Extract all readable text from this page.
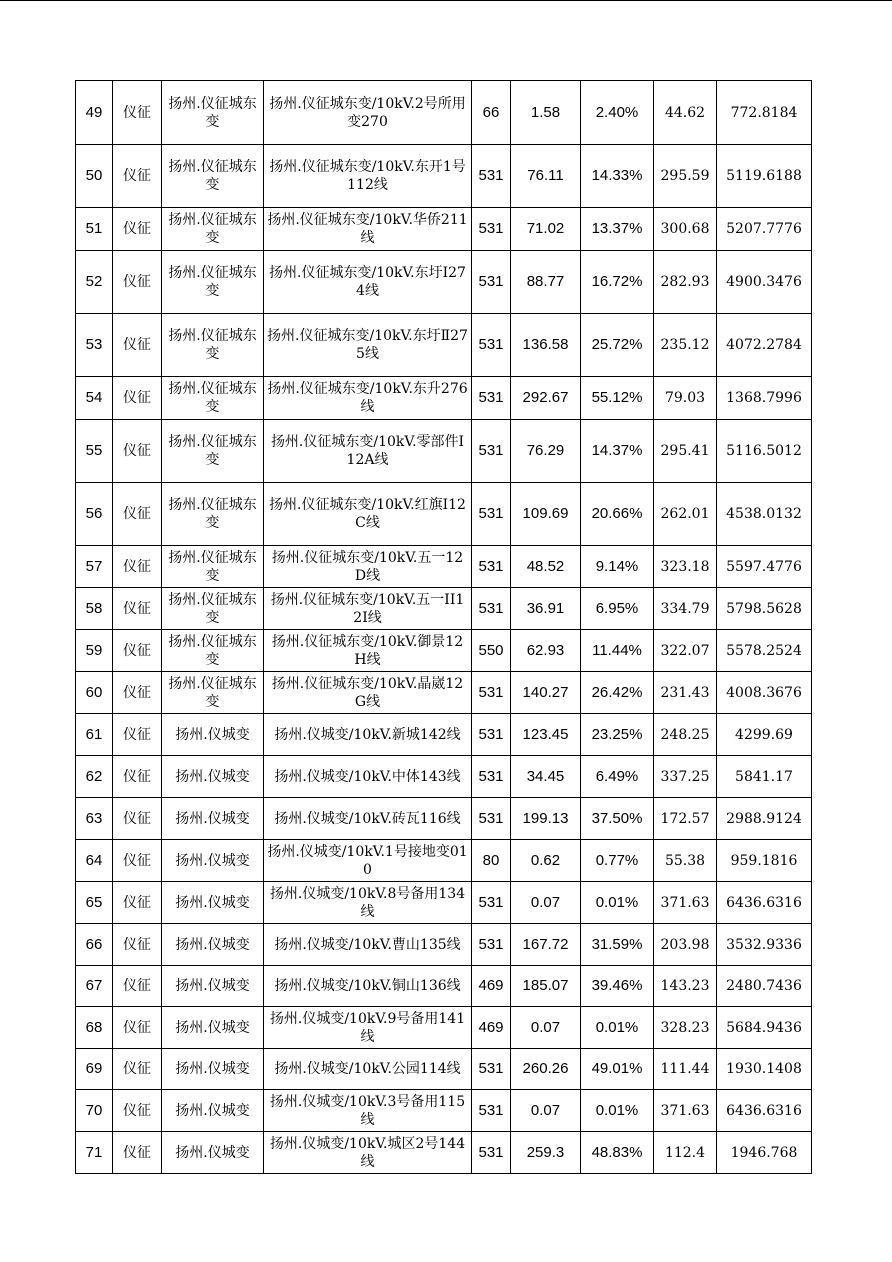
49	仪征	扬州.仪征城东变	扬州.仪征城东变/10kV.2号所用变270	66	1.58	2.40%	44.62	772.8184
50	仪征	扬州.仪征城东变	扬州.仪征城东变/10kV.东开1号112线	531	76.11	14.33%	295.59	5119.6188
51	仪征	扬州.仪征城东变	扬州.仪征城东变/10kV.华侨211线	531	71.02	13.37%	300.68	5207.7776
52	仪征	扬州.仪征城东变	扬州.仪征城东变/10kV.东圩Ⅰ274线	531	88.77	16.72%	282.93	4900.3476
53	仪征	扬州.仪征城东变	扬州.仪征城东变/10kV.东圩Ⅱ275线	531	136.58	25.72%	235.12	4072.2784
54	仪征	扬州.仪征城东变	扬州.仪征城东变/10kV.东升276线	531	292.67	55.12%	79.03	1368.7996
55	仪征	扬州.仪征城东变	扬州.仪征城东变/10kV.零部件Ⅰ12A线	531	76.29	14.37%	295.41	5116.5012
56	仪征	扬州.仪征城东变	扬州.仪征城东变/10kV.红旗Ⅰ12C线	531	109.69	20.66%	262.01	4538.0132
57	仪征	扬州.仪征城东变	扬州.仪征城东变/10kV.五一12D线	531	48.52	9.14%	323.18	5597.4776
58	仪征	扬州.仪征城东变	扬州.仪征城东变/10kV.五一II12I线	531	36.91	6.95%	334.79	5798.5628
59	仪征	扬州.仪征城东变	扬州.仪征城东变/10kV.御景12H线	550	62.93	11.44%	322.07	5578.2524
60	仪征	扬州.仪征城东变	扬州.仪征城东变/10kV.晶崴12G线	531	140.27	26.42%	231.43	4008.3676
61	仪征	扬州.仪城变	扬州.仪城变/10kV.新城142线	531	123.45	23.25%	248.25	4299.69
62	仪征	扬州.仪城变	扬州.仪城变/10kV.中体143线	531	34.45	6.49%	337.25	5841.17
63	仪征	扬州.仪城变	扬州.仪城变/10kV.砖瓦116线	531	199.13	37.50%	172.57	2988.9124
64	仪征	扬州.仪城变	扬州.仪城变/10kV.1号接地变010	80	0.62	0.77%	55.38	959.1816
65	仪征	扬州.仪城变	扬州.仪城变/10kV.8号备用134线	531	0.07	0.01%	371.63	6436.6316
66	仪征	扬州.仪城变	扬州.仪城变/10kV.曹山135线	531	167.72	31.59%	203.98	3532.9336
67	仪征	扬州.仪城变	扬州.仪城变/10kV.铜山136线	469	185.07	39.46%	143.23	2480.7436
68	仪征	扬州.仪城变	扬州.仪城变/10kV.9号备用141线	469	0.07	0.01%	328.23	5684.9436
69	仪征	扬州.仪城变	扬州.仪城变/10kV.公园114线	531	260.26	49.01%	111.44	1930.1408
70	仪征	扬州.仪城变	扬州.仪城变/10kV.3号备用115线	531	0.07	0.01%	371.63	6436.6316
71	仪征	扬州.仪城变	扬州.仪城变/10kV.城区2号144线	531	259.3	48.83%	112.4	1946.768
